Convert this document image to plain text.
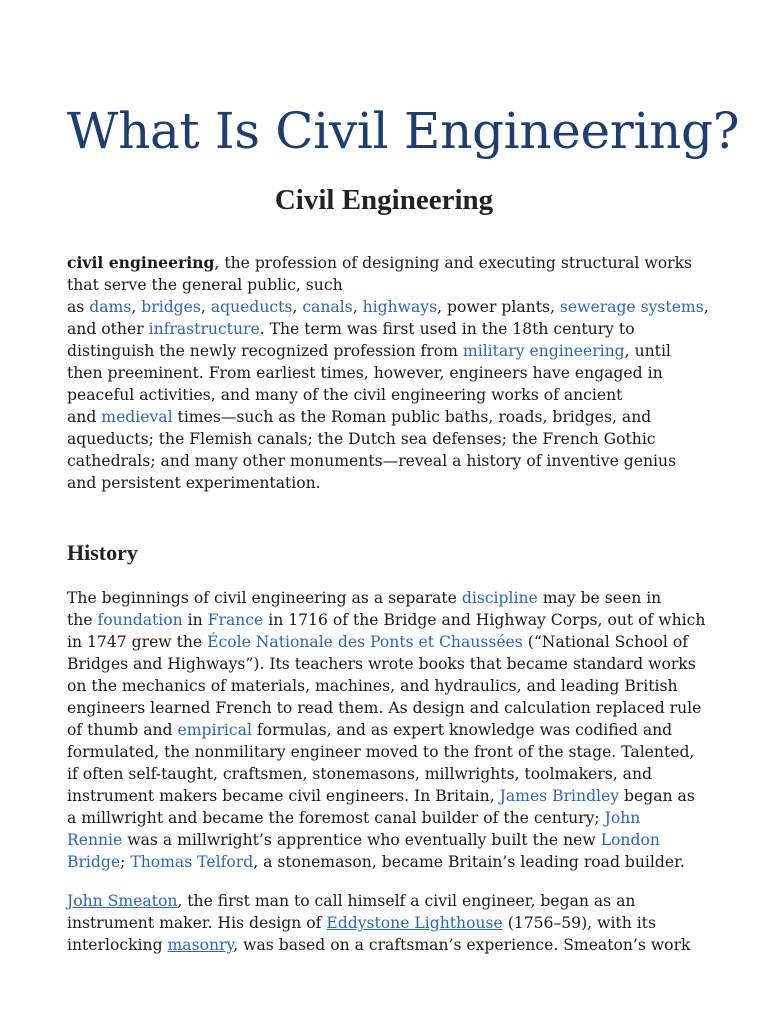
What Is Civil Engineering?
Civil Engineering
civil engineering, the profession of designing and executing structural works
that serve the general public, such
as dams, bridges, aqueducts, canals, highways, power plants, sewerage systems,
and other infrastructure. The term was first used in the 18th century to
distinguish the newly recognized profession from military engineering, until
then preeminent. From earliest times, however, engineers have engaged in
peaceful activities, and many of the civil engineering works of ancient
and medieval times—such as the Roman public baths, roads, bridges, and
aqueducts; the Flemish canals; the Dutch sea defenses; the French Gothic
cathedrals; and many other monuments—reveal a history of inventive genius
and persistent experimentation.
History
The beginnings of civil engineering as a separate discipline may be seen in
the foundation in France in 1716 of the Bridge and Highway Corps, out of which
in 1747 grew the École Nationale des Ponts et Chaussées (“National School of
Bridges and Highways”). Its teachers wrote books that became standard works
on the mechanics of materials, machines, and hydraulics, and leading British
engineers learned French to read them. As design and calculation replaced rule
of thumb and empirical formulas, and as expert knowledge was codified and
formulated, the nonmilitary engineer moved to the front of the stage. Talented,
if often self-taught, craftsmen, stonemasons, millwrights, toolmakers, and
instrument makers became civil engineers. In Britain, James Brindley began as
a millwright and became the foremost canal builder of the century; John
Rennie was a millwright’s apprentice who eventually built the new London
Bridge; Thomas Telford, a stonemason, became Britain’s leading road builder.
John Smeaton, the first man to call himself a civil engineer, began as an
instrument maker. His design of Eddystone Lighthouse (1756–59), with its
interlocking masonry, was based on a craftsman’s experience. Smeaton’s work
